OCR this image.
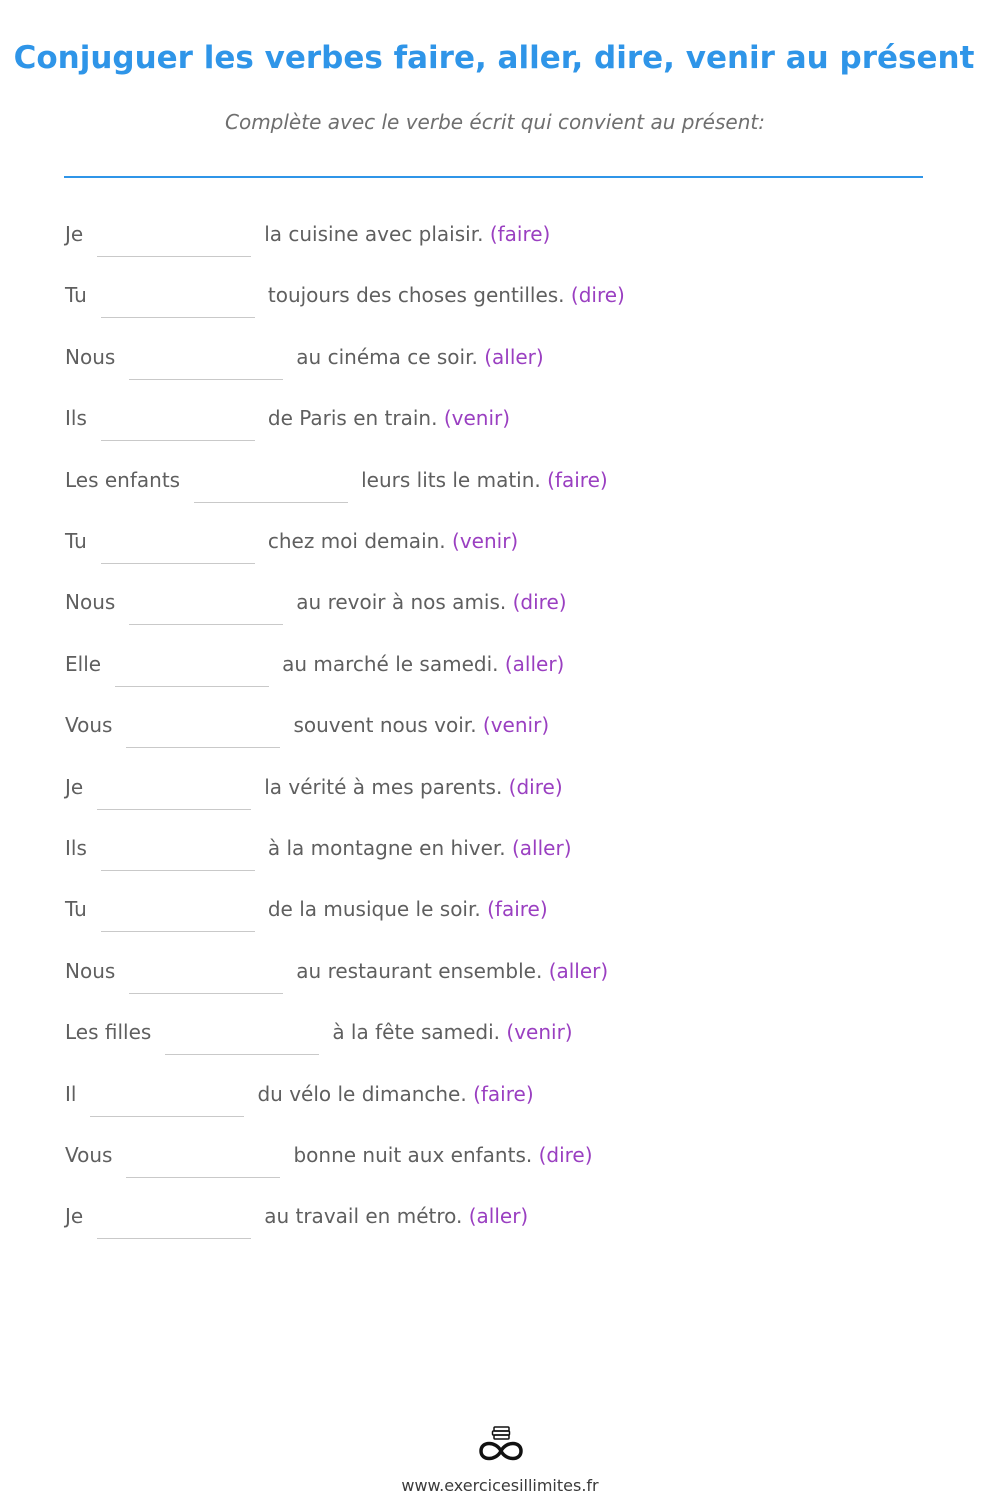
Conjuguer les verbes faire, aller, dire, venir au présent
Complète avec le verbe écrit qui convient au présent:
Je	la cuisine avec plaisir. (faire)
Tu	toujours des choses gentilles. (dire)
Nous	au cinéma ce soir. (aller)
Ils	de Paris en train. (venir)
Les enfants	leurs lits le matin. (faire)
Tu	chez moi demain. (venir)
Nous	au revoir à nos amis. (dire)
Elle	au marché le samedi. (aller)
Vous	souvent nous voir. (venir)
Je	la vérité à mes parents. (dire)
Ils	à la montagne en hiver. (aller)
Tu	de la musique le soir. (faire)
Nous	au restaurant ensemble. (aller)
Les filles	à la fête samedi. (venir)
Il	du vélo le dimanche. (faire)
Vous	bonne nuit aux enfants. (dire)
Je	au travail en métro. (aller)
www.exercicesillimites.fr
